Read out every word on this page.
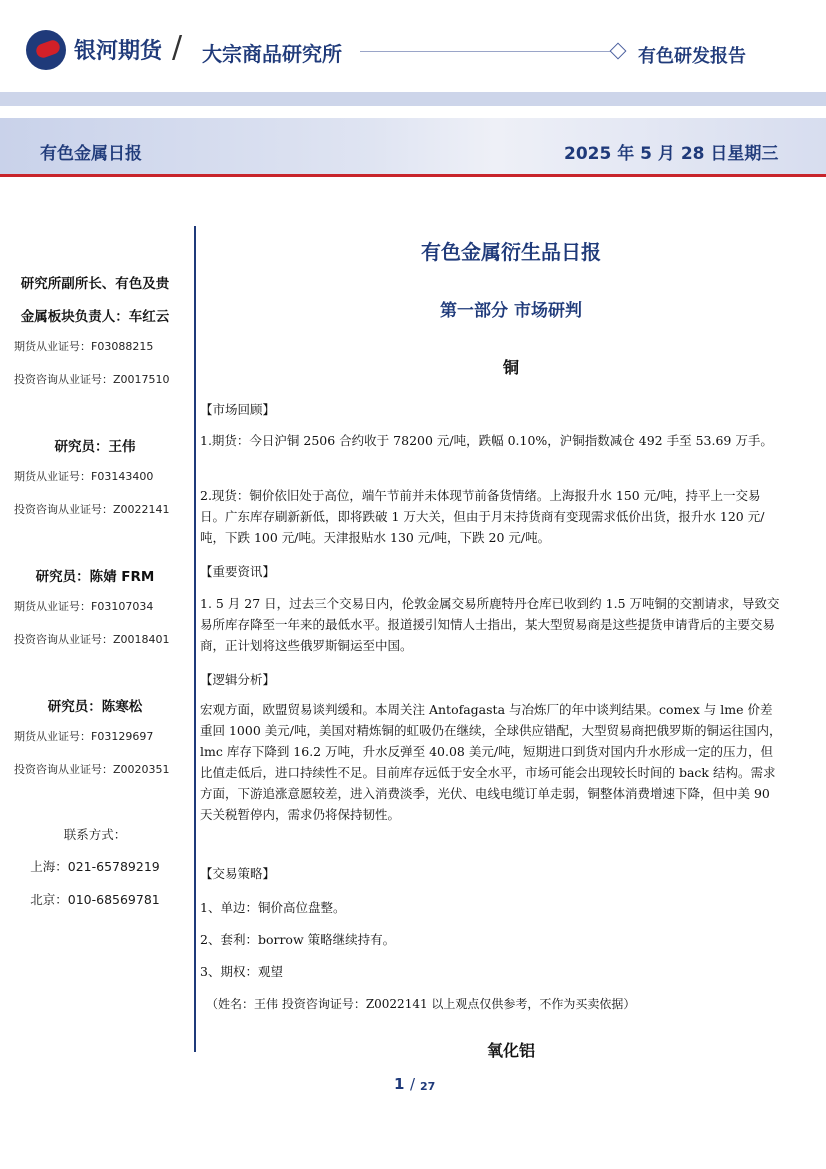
银河期货 / 大宗商品研究所	有色研发报告
有色金属日报	2025 年 5 月 28 日星期三
研究所副所长、有色及贵
金属板块负责人：车红云
期货从业证号：F03088215
投资咨询从业证号：Z0017510
研究员：王伟
期货从业证号：F03143400
投资咨询从业证号：Z0022141
研究员：陈婧 FRM
期货从业证号：F03107034
投资咨询从业证号：Z0018401
研究员：陈寒松
期货从业证号：F03129697
投资咨询从业证号：Z0020351
联系方式：
上海：021-65789219
北京：010-68569781
有色金属衍生品日报
第一部分 市场研判
铜
【市场回顾】
1.期货：今日沪铜 2506 合约收于 78200 元/吨，跌幅 0.10%，沪铜指数减仓 492 手至 53.69 万手。
2.现货：铜价依旧处于高位，端午节前并未体现节前备货情绪。上海报升水 150 元/吨，持平上一交易日。广东库存刷新新低，即将跌破 1 万大关，但由于月末持货商有变现需求低价出货，报升水 120 元/吨，下跌 100 元/吨。天津报贴水 130 元/吨，下跌 20 元/吨。
【重要资讯】
1. 5 月 27 日，过去三个交易日内，伦敦金属交易所鹿特丹仓库已收到约 1.5 万吨铜的交割请求，导致交易所库存降至一年来的最低水平。报道援引知情人士指出，某大型贸易商是这些提货申请背后的主要交易商，正计划将这些俄罗斯铜运至中国。
【逻辑分析】
宏观方面，欧盟贸易谈判缓和。本周关注 Antofagasta 与冶炼厂的年中谈判结果。comex 与 lme 价差重回 1000 美元/吨，美国对精炼铜的虹吸仍在继续，全球供应错配，大型贸易商把俄罗斯的铜运往国内，lmc 库存下降到 16.2 万吨，升水反弹至 40.08 美元/吨，短期进口到货对国内升水形成一定的压力，但比值走低后，进口持续性不足。目前库存远低于安全水平，市场可能会出现较长时间的 back 结构。需求方面，下游追涨意愿较差，进入消费淡季，光伏、电线电缆订单走弱，铜整体消费增速下降，但中美 90 天关税暂停内，需求仍将保持韧性。
【交易策略】
1、单边：铜价高位盘整。
2、套利：borrow 策略继续持有。
3、期权：观望
（姓名：王伟 投资咨询证号：Z0022141 以上观点仅供参考，不作为买卖依据）
氧化铝
1 / 27
